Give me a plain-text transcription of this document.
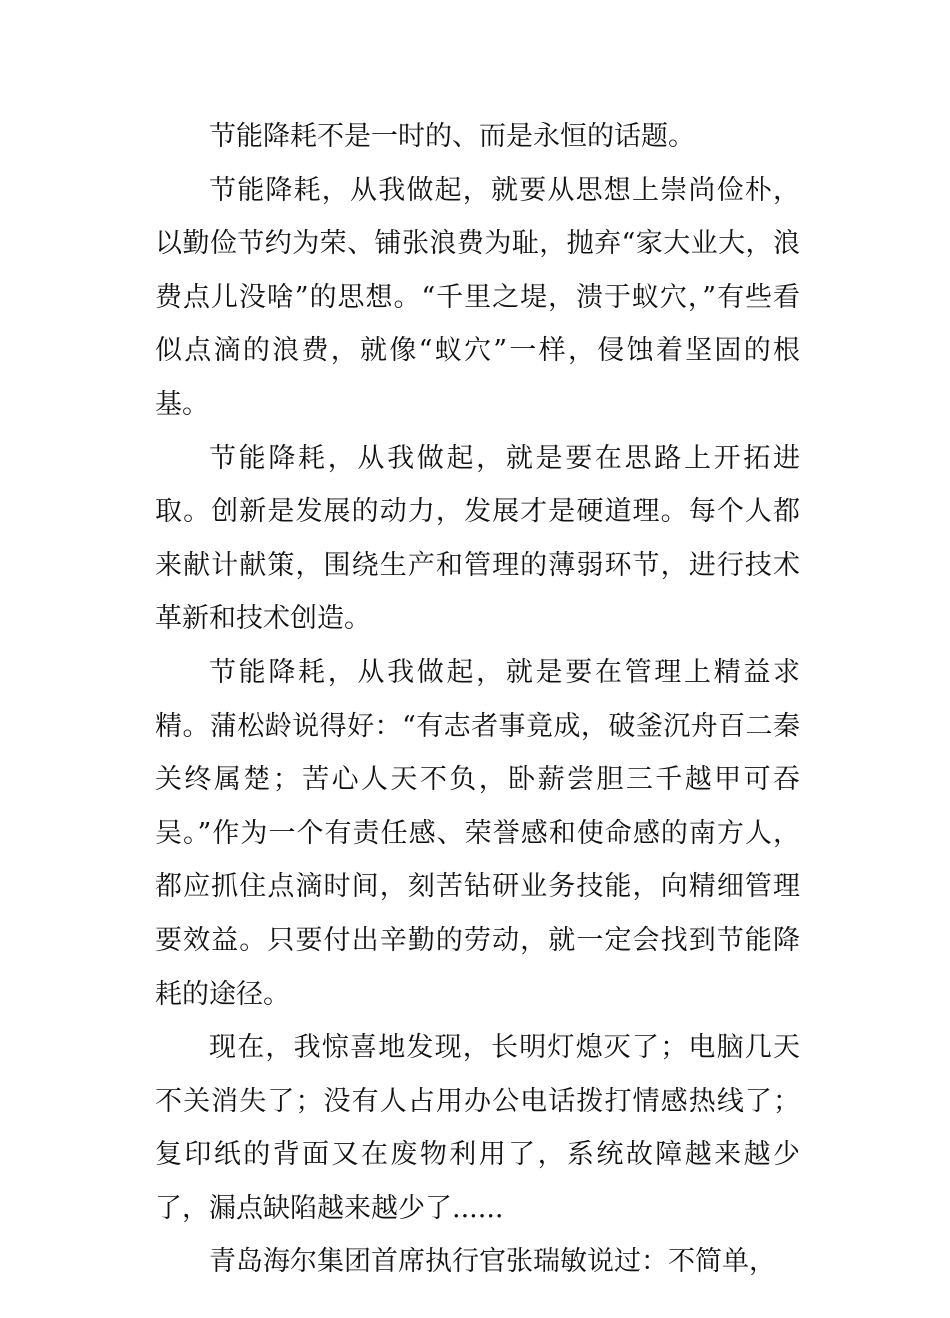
节能降耗不是一时的、而是永恒的话题。

节能降耗，从我做起，就要从思想上崇尚俭朴，以勤俭节约为荣、铺张浪费为耻，抛弃“家大业大，浪费点儿没啥”的思想。“千里之堤，溃于蚁穴，”有些看似点滴的浪费，就像“蚁穴”一样，侵蚀着坚固的根基。

节能降耗，从我做起，就是要在思路上开拓进取。创新是发展的动力，发展才是硬道理。每个人都来献计献策，围绕生产和管理的薄弱环节，进行技术革新和技术创造。

节能降耗，从我做起，就是要在管理上精益求精。蒲松龄说得好：“有志者事竟成，破釜沉舟百二秦关终属楚；苦心人天不负，卧薪尝胆三千越甲可吞吴。”作为一个有责任感、荣誉感和使命感的南方人，都应抓住点滴时间，刻苦钻研业务技能，向精细管理要效益。只要付出辛勤的劳动，就一定会找到节能降耗的途径。

现在，我惊喜地发现，长明灯熄灭了；电脑几天不关消失了；没有人占用办公电话拨打情感热线了；复印纸的背面又在废物利用了，系统故障越来越少了，漏点缺陷越来越少了......

青岛海尔集团首席执行官张瑞敏说过：不简单，
